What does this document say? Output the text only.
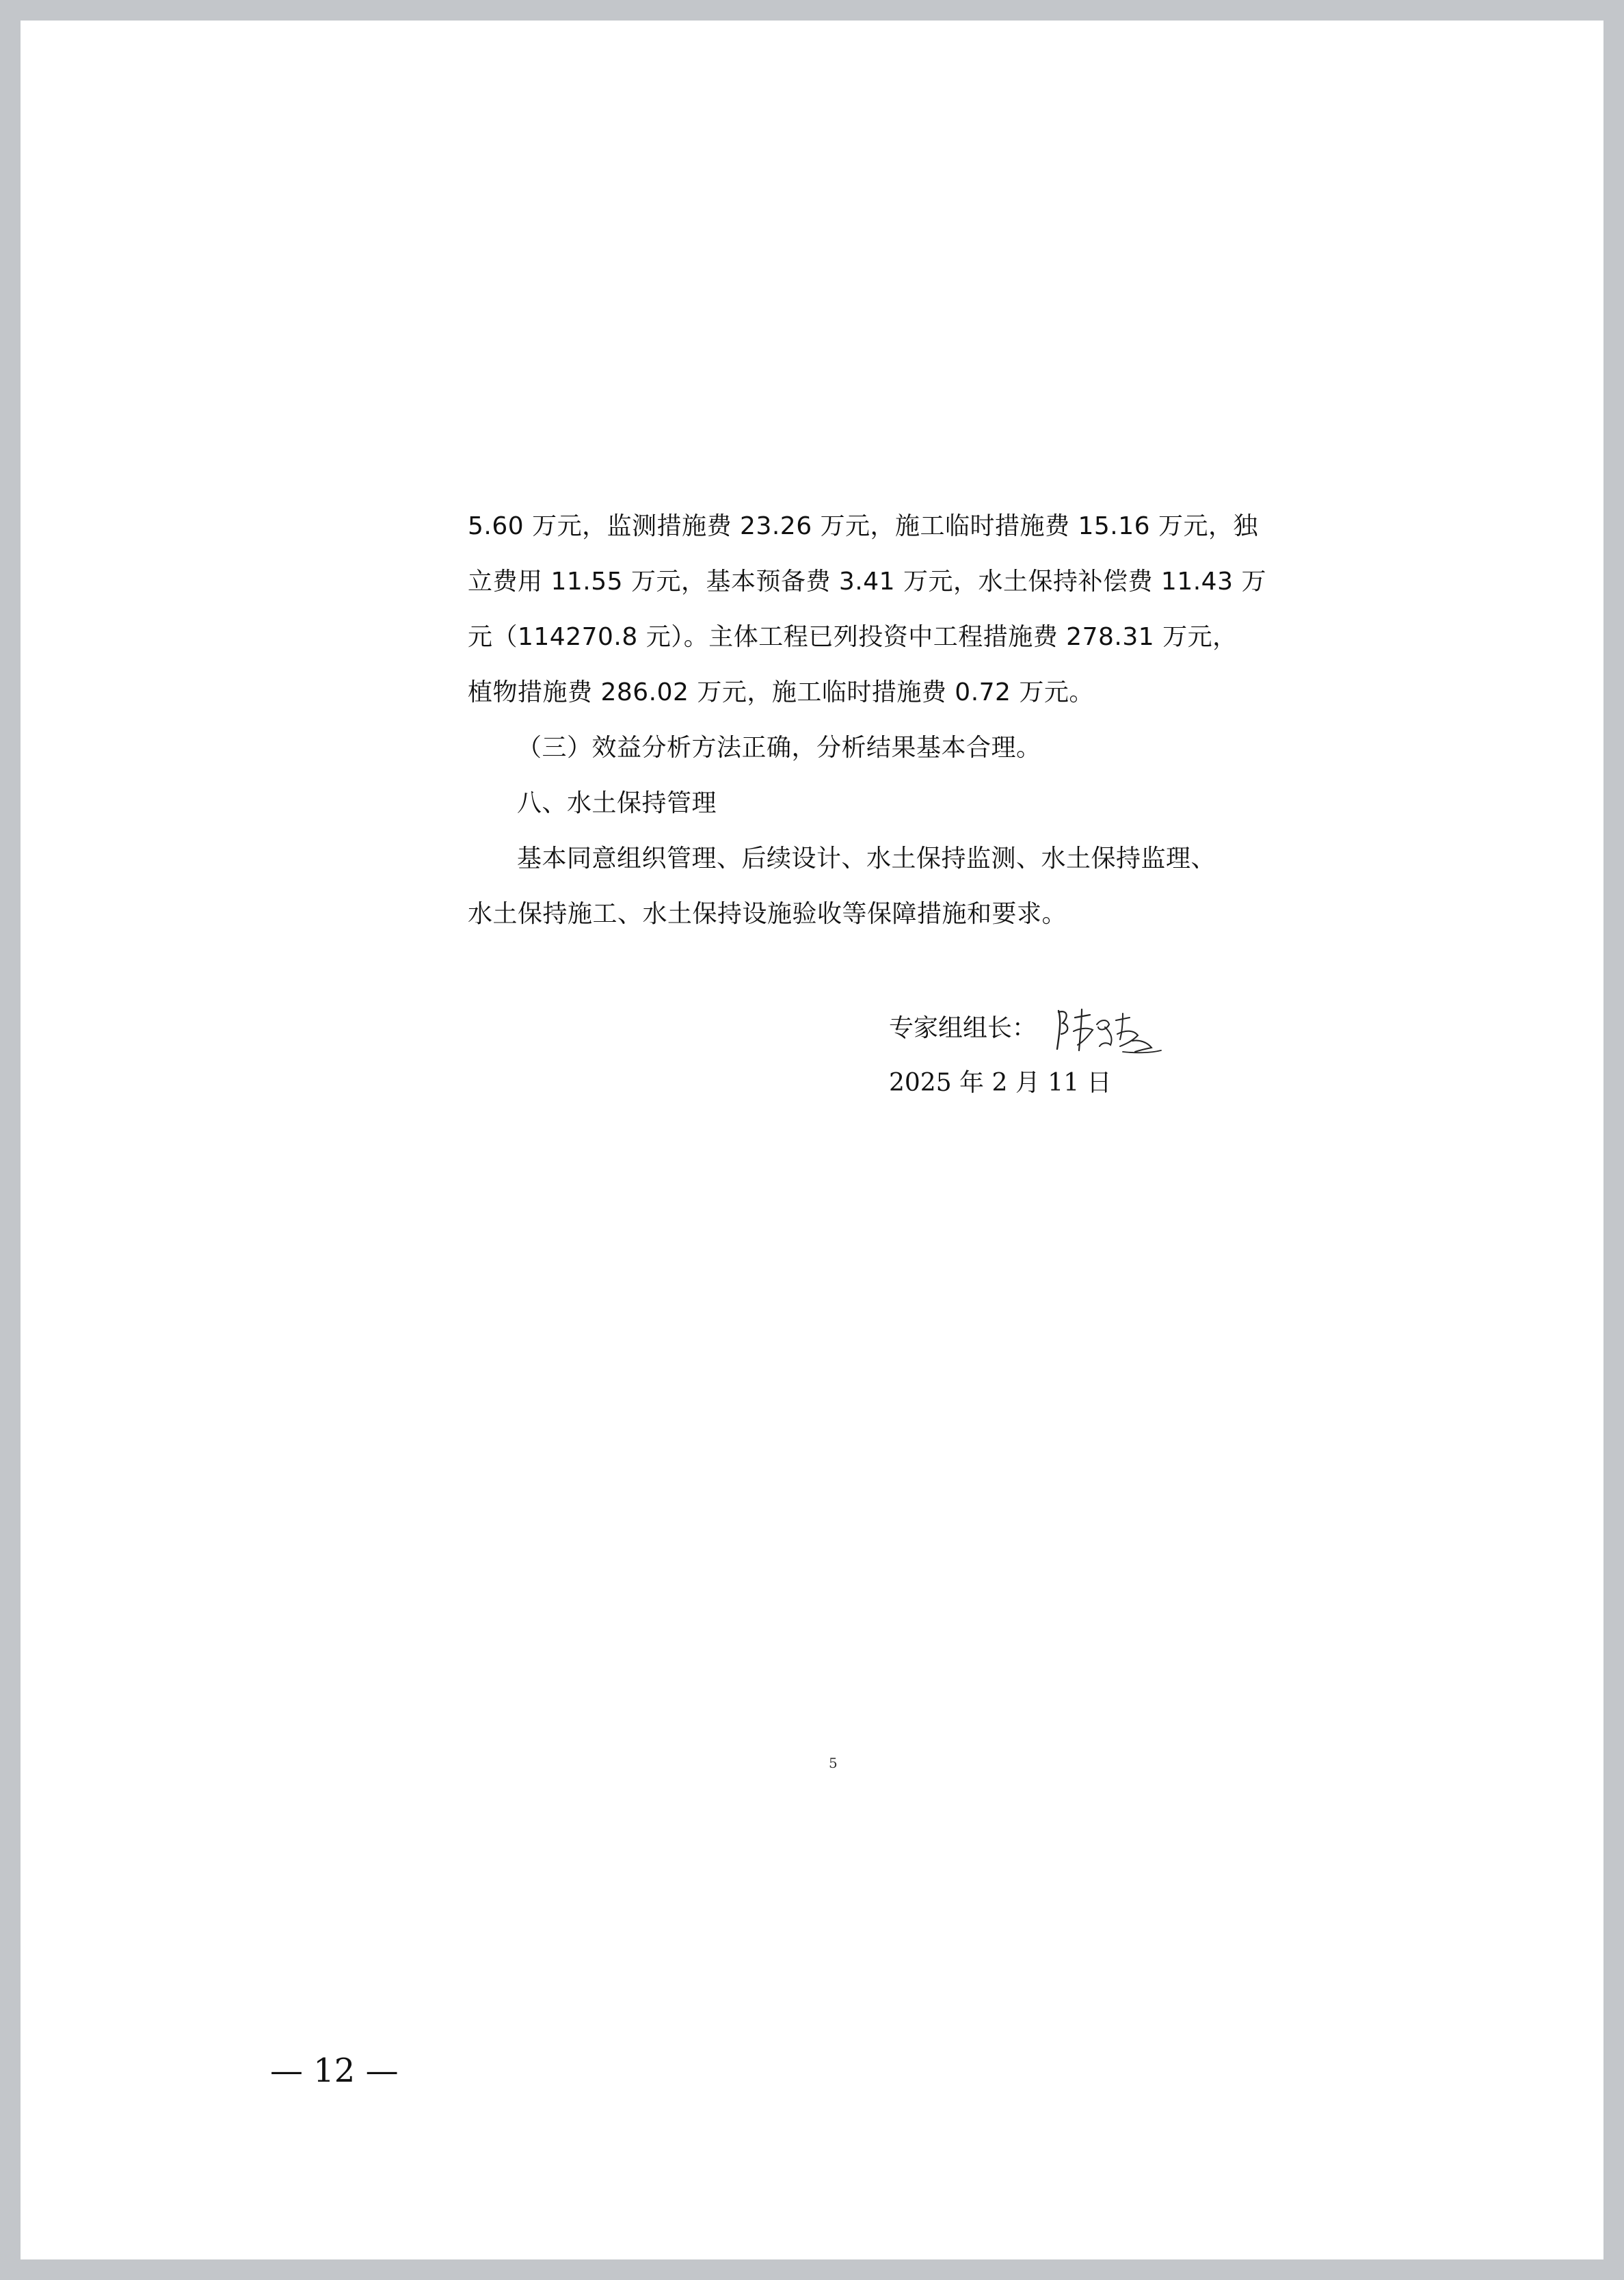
5.60 万元，监测措施费 23.26 万元，施工临时措施费 15.16 万元，独
立费用 11.55 万元，基本预备费 3.41 万元，水土保持补偿费 11.43 万
元（114270.8 元）。主体工程已列投资中工程措施费 278.31 万元，
植物措施费 286.02 万元，施工临时措施费 0.72 万元。
（三）效益分析方法正确，分析结果基本合理。
八、水土保持管理
基本同意组织管理、后续设计、水土保持监测、水土保持监理、
水土保持施工、水土保持设施验收等保障措施和要求。
专家组组长：
2025 年 2 月 11 日
5
— 12 —
